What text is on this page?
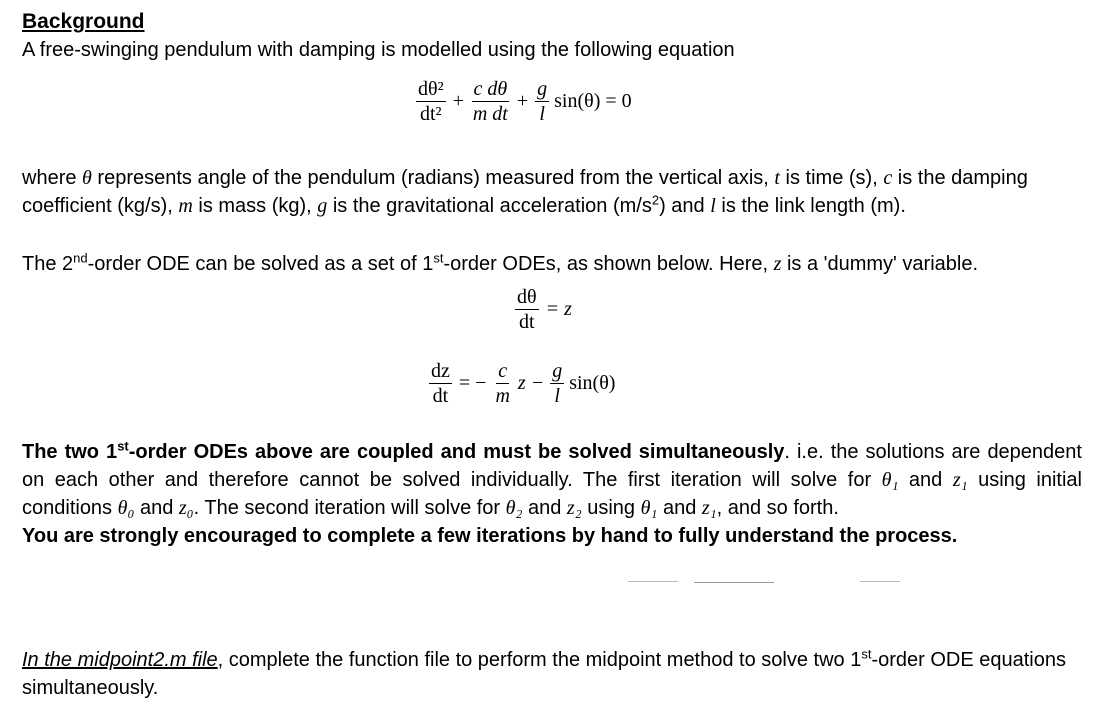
Background

A free-swinging pendulum with damping is modelled using the following equation

$\frac{\text{dθ²}}{\text{dt²}} + \frac{\text{c dθ}}{\text{m dt}} + \frac{g}{l} \sin(\theta) = 0$
where θ represents angle of the pendulum (radians) measured from the vertical axis, t is time (s), c is the damping coefficient (kg/s), m is mass (kg), g is the gravitational acceleration $(m/s^2)$ and l is the link length (m).
The 2nd-order ODE can be solved as a set of 1st-order ODEs, as shown below. Here, z is a 'dummy' variable.
$\frac{d\theta}{dt} = z$
$\frac{dz}{dt}$ = − $\frac{c}{m}$ $z - \frac{g}{l} \sin(\theta)$
The two 1st-order ODEs above are coupled and must be solved simultaneously. i.e. the solutions are dependent on each other and therefore cannot be solved individually. The first iteration will solve for θ₁ and z₁ using initial conditions θ₀ and z₀. The second iteration will solve for θ₂ and z₂ using θ₁ and z₁, and so forth.
You are strongly encouraged to complete a few iterations by hand to fully understand the process.
In the midpoint2.m file, complete the function file to perform the midpoint method to solve two 1st-order ODE equations simultaneously.
